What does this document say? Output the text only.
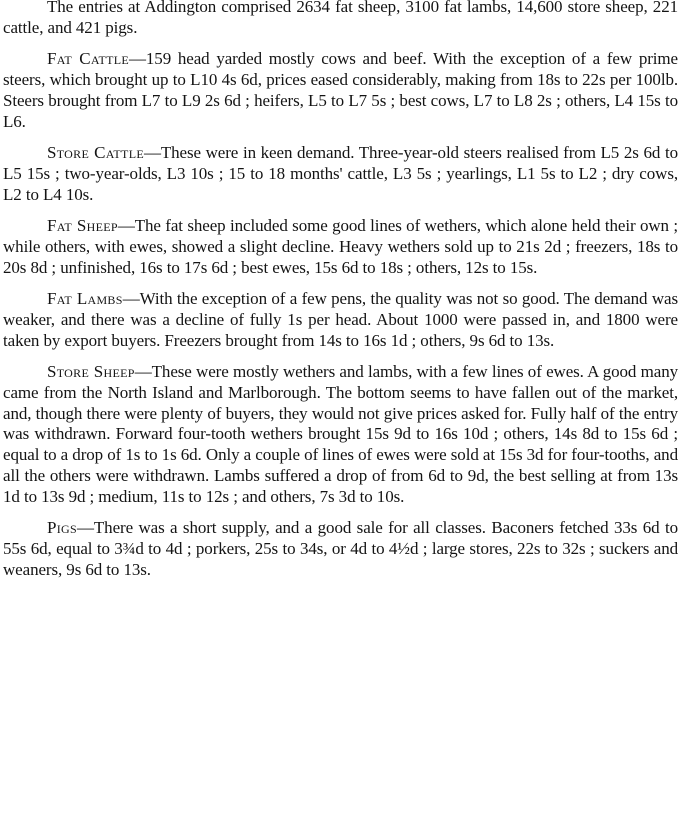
The entries at Addington comprised 2634 fat sheep, 3100 fat lambs, 14,600 store sheep, 221 cattle, and 421 pigs.

Fat Cattle—159 head yarded mostly cows and beef. With the exception of a few prime steers, which brought up to L10 4s 6d, prices eased considerably, making from 18s to 22s per 100lb. Steers brought from L7 to L9 2s 6d ; heifers, L5 to L7 5s ; best cows, L7 to L8 2s ; others, L4 15s to L6.

Store Cattle—These were in keen demand. Three-year-old steers realised from L5 2s 6d to L5 15s ; two-year-olds, L3 10s ; 15 to 18 months' cattle, L3 5s ; yearlings, L1 5s to L2 ; dry cows, L2 to L4 10s.

Fat Sheep—The fat sheep included some good lines of wethers, which alone held their own ; while others, with ewes, showed a slight decline. Heavy wethers sold up to 21s 2d ; freezers, 18s to 20s 8d ; unfinished, 16s to 17s 6d ; best ewes, 15s 6d to 18s ; others, 12s to 15s.

Fat Lambs—With the exception of a few pens, the quality was not so good. The demand was weaker, and there was a decline of fully 1s per head. About 1000 were passed in, and 1800 were taken by export buyers. Freezers brought from 14s to 16s 1d ; others, 9s 6d to 13s.

Store Sheep—These were mostly wethers and lambs, with a few lines of ewes. A good many came from the North Island and Marlborough. The bottom seems to have fallen out of the market, and, though there were plenty of buyers, they would not give prices asked for. Fully half of the entry was withdrawn. Forward four-tooth wethers brought 15s 9d to 16s 10d ; others, 14s 8d to 15s 6d ; equal to a drop of 1s to 1s 6d. Only a couple of lines of ewes were sold at 15s 3d for four-tooths, and all the others were withdrawn. Lambs suffered a drop of from 6d to 9d, the best selling at from 13s 1d to 13s 9d ; medium, 11s to 12s ; and others, 7s 3d to 10s.

Pigs—There was a short supply, and a good sale for all classes. Baconers fetched 33s 6d to 55s 6d, equal to 3¾d to 4d ; porkers, 25s to 34s, or 4d to 4½d ; large stores, 22s to 32s ; suckers and weaners, 9s 6d to 13s.
